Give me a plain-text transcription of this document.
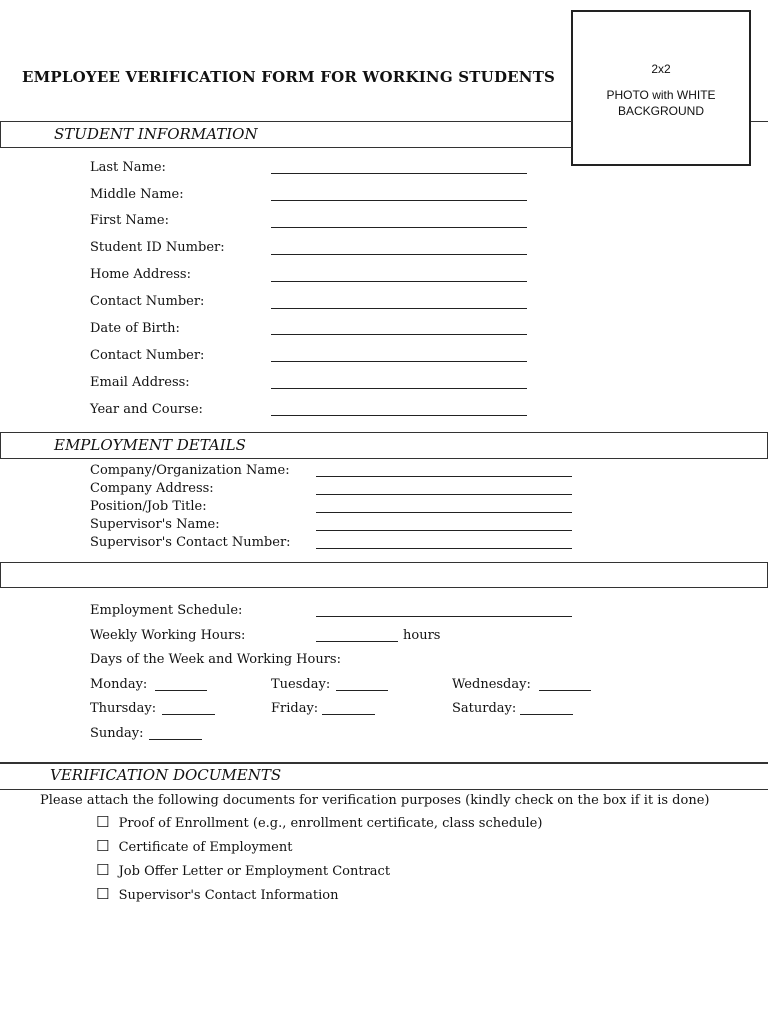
EMPLOYEE VERIFICATION FORM FOR WORKING STUDENTS	2x2
PHOTO with WHITE
BACKGROUND
STUDENT INFORMATION
Last Name:
Middle Name:
First Name:
Student ID Number:
Home Address:
Contact Number:
Date of Birth:
Contact Number:
Email Address:
Year and Course:
EMPLOYMENT DETAILS
Company/Organization Name:
Company Address:
Position/Job Title:
Supervisor's Name:
Supervisor's Contact Number:
Employment Schedule:
Weekly Working Hours:	hours
Days of the Week and Working Hours:
Monday:	Tuesday:	Wednesday:
Thursday:	Friday:	Saturday:
Sunday:
VERIFICATION DOCUMENTS
Please attach the following documents for verification purposes (kindly check on the box if it is done)
☐ Proof of Enrollment (e.g., enrollment certificate, class schedule)
☐ Certificate of Employment
☐ Job Offer Letter or Employment Contract
☐ Supervisor's Contact Information
